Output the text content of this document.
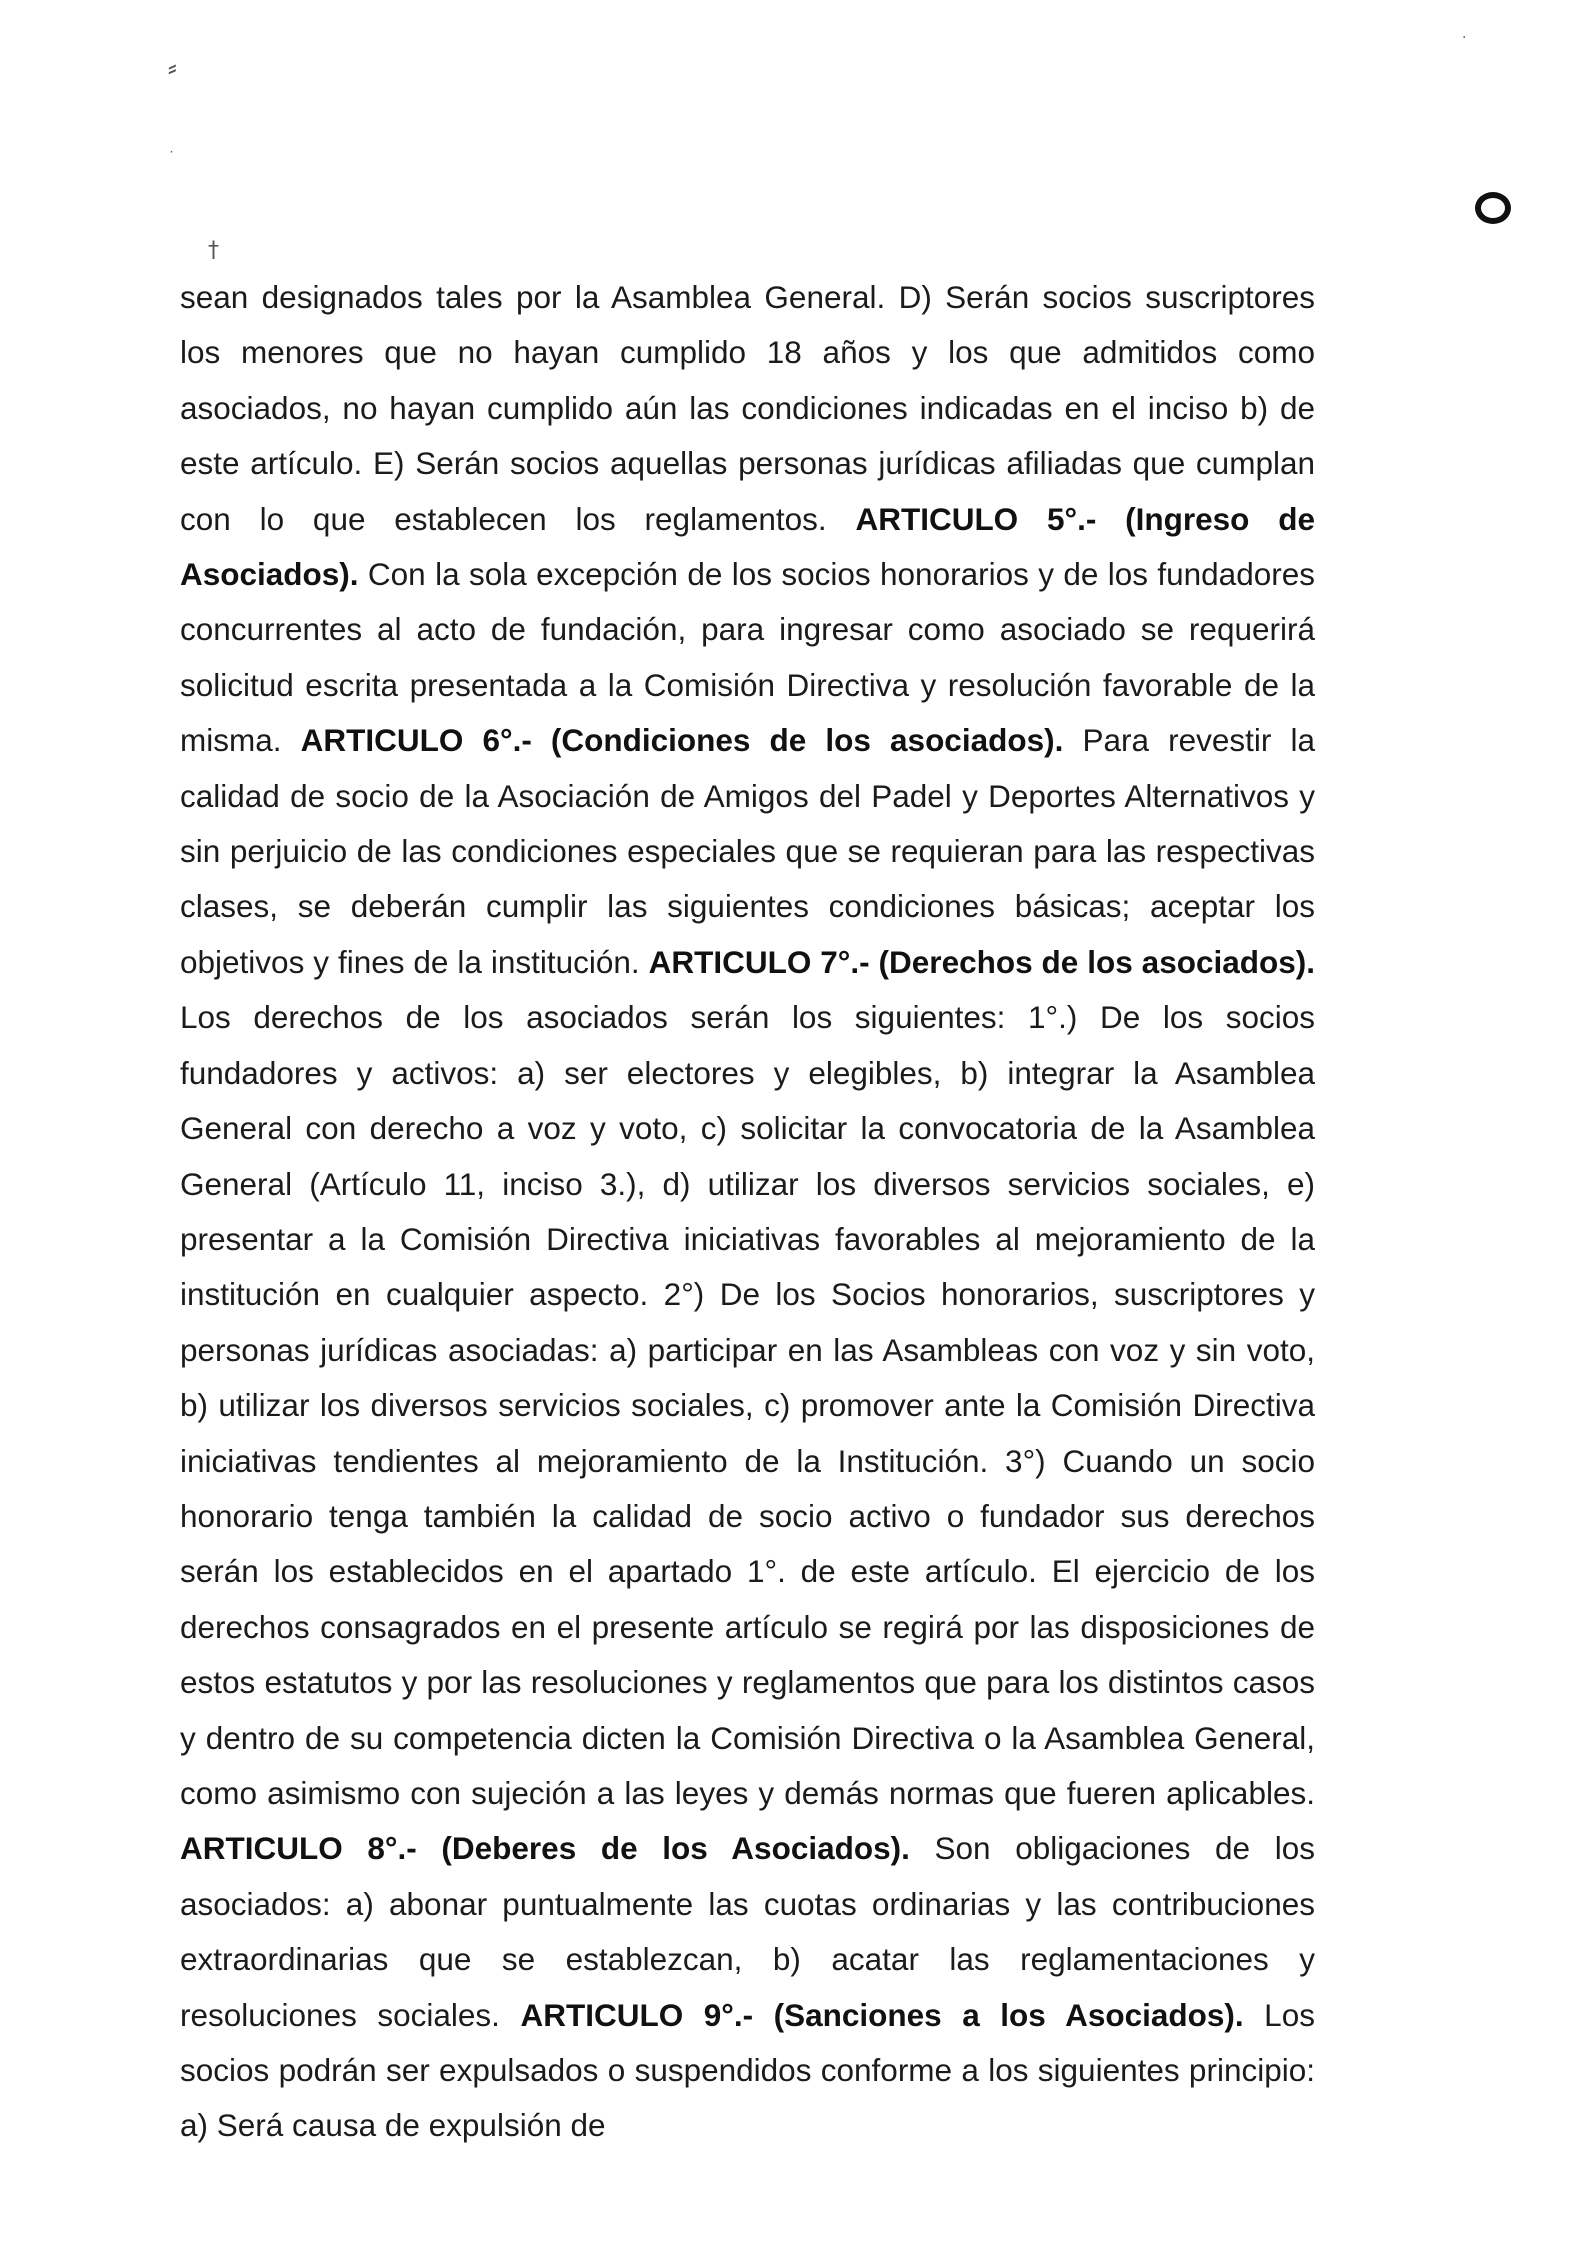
⸗
˙
†
·

sean designados tales por la Asamblea General. D) Serán socios suscriptores los menores que no hayan cumplido 18 años y los que admitidos como asociados, no hayan cumplido aún las condiciones indicadas en el inciso b) de este artículo. E) Serán socios aquellas personas jurídicas afiliadas que cumplan con lo que establecen los reglamentos. ARTICULO 5°.- (Ingreso de Asociados). Con la sola excepción de los socios honorarios y de los fundadores concurrentes al acto de fundación, para ingresar como asociado se requerirá solicitud escrita presentada a la Comisión Directiva y resolución favorable de la misma. ARTICULO 6°.- (Condiciones de los asociados). Para revestir la calidad de socio de la Asociación de Amigos del Padel y Deportes Alternativos y sin perjuicio de las condiciones especiales que se requieran para las respectivas clases, se deberán cumplir las siguientes condiciones básicas; aceptar los objetivos y fines de la institución. ARTICULO 7°.- (Derechos de los asociados). Los derechos de los asociados serán los siguientes: 1°.) De los socios fundadores y activos: a) ser electores y elegibles, b) integrar la Asamblea General con derecho a voz y voto, c) solicitar la convocatoria de la Asamblea General (Artículo 11, inciso 3.), d) utilizar los diversos servicios sociales, e) presentar a la Comisión Directiva iniciativas favorables al mejoramiento de la institución en cualquier aspecto. 2°) De los Socios honorarios, suscriptores y personas jurídicas asociadas: a) participar en las Asambleas con voz y sin voto, b) utilizar los diversos servicios sociales, c) promover ante la Comisión Directiva iniciativas tendientes al mejoramiento de la Institución. 3°) Cuando un socio honorario tenga también la calidad de socio activo o fundador sus derechos serán los establecidos en el apartado 1°. de este artículo. El ejercicio de los derechos consagrados en el presente artículo se regirá por las disposiciones de estos estatutos y por las resoluciones y reglamentos que para los distintos casos y dentro de su competencia dicten la Comisión Directiva o la Asamblea General, como asimismo con sujeción a las leyes y demás normas que fueren aplicables. ARTICULO 8°.- (Deberes de los Asociados). Son obligaciones de los asociados: a) abonar puntualmente las cuotas ordinarias y las contribuciones extraordinarias que se establezcan, b) acatar las reglamentaciones y resoluciones sociales. ARTICULO 9°.- (Sanciones a los Asociados). Los socios podrán ser expulsados o suspendidos conforme a los siguientes principio: a) Será causa de expulsión de
